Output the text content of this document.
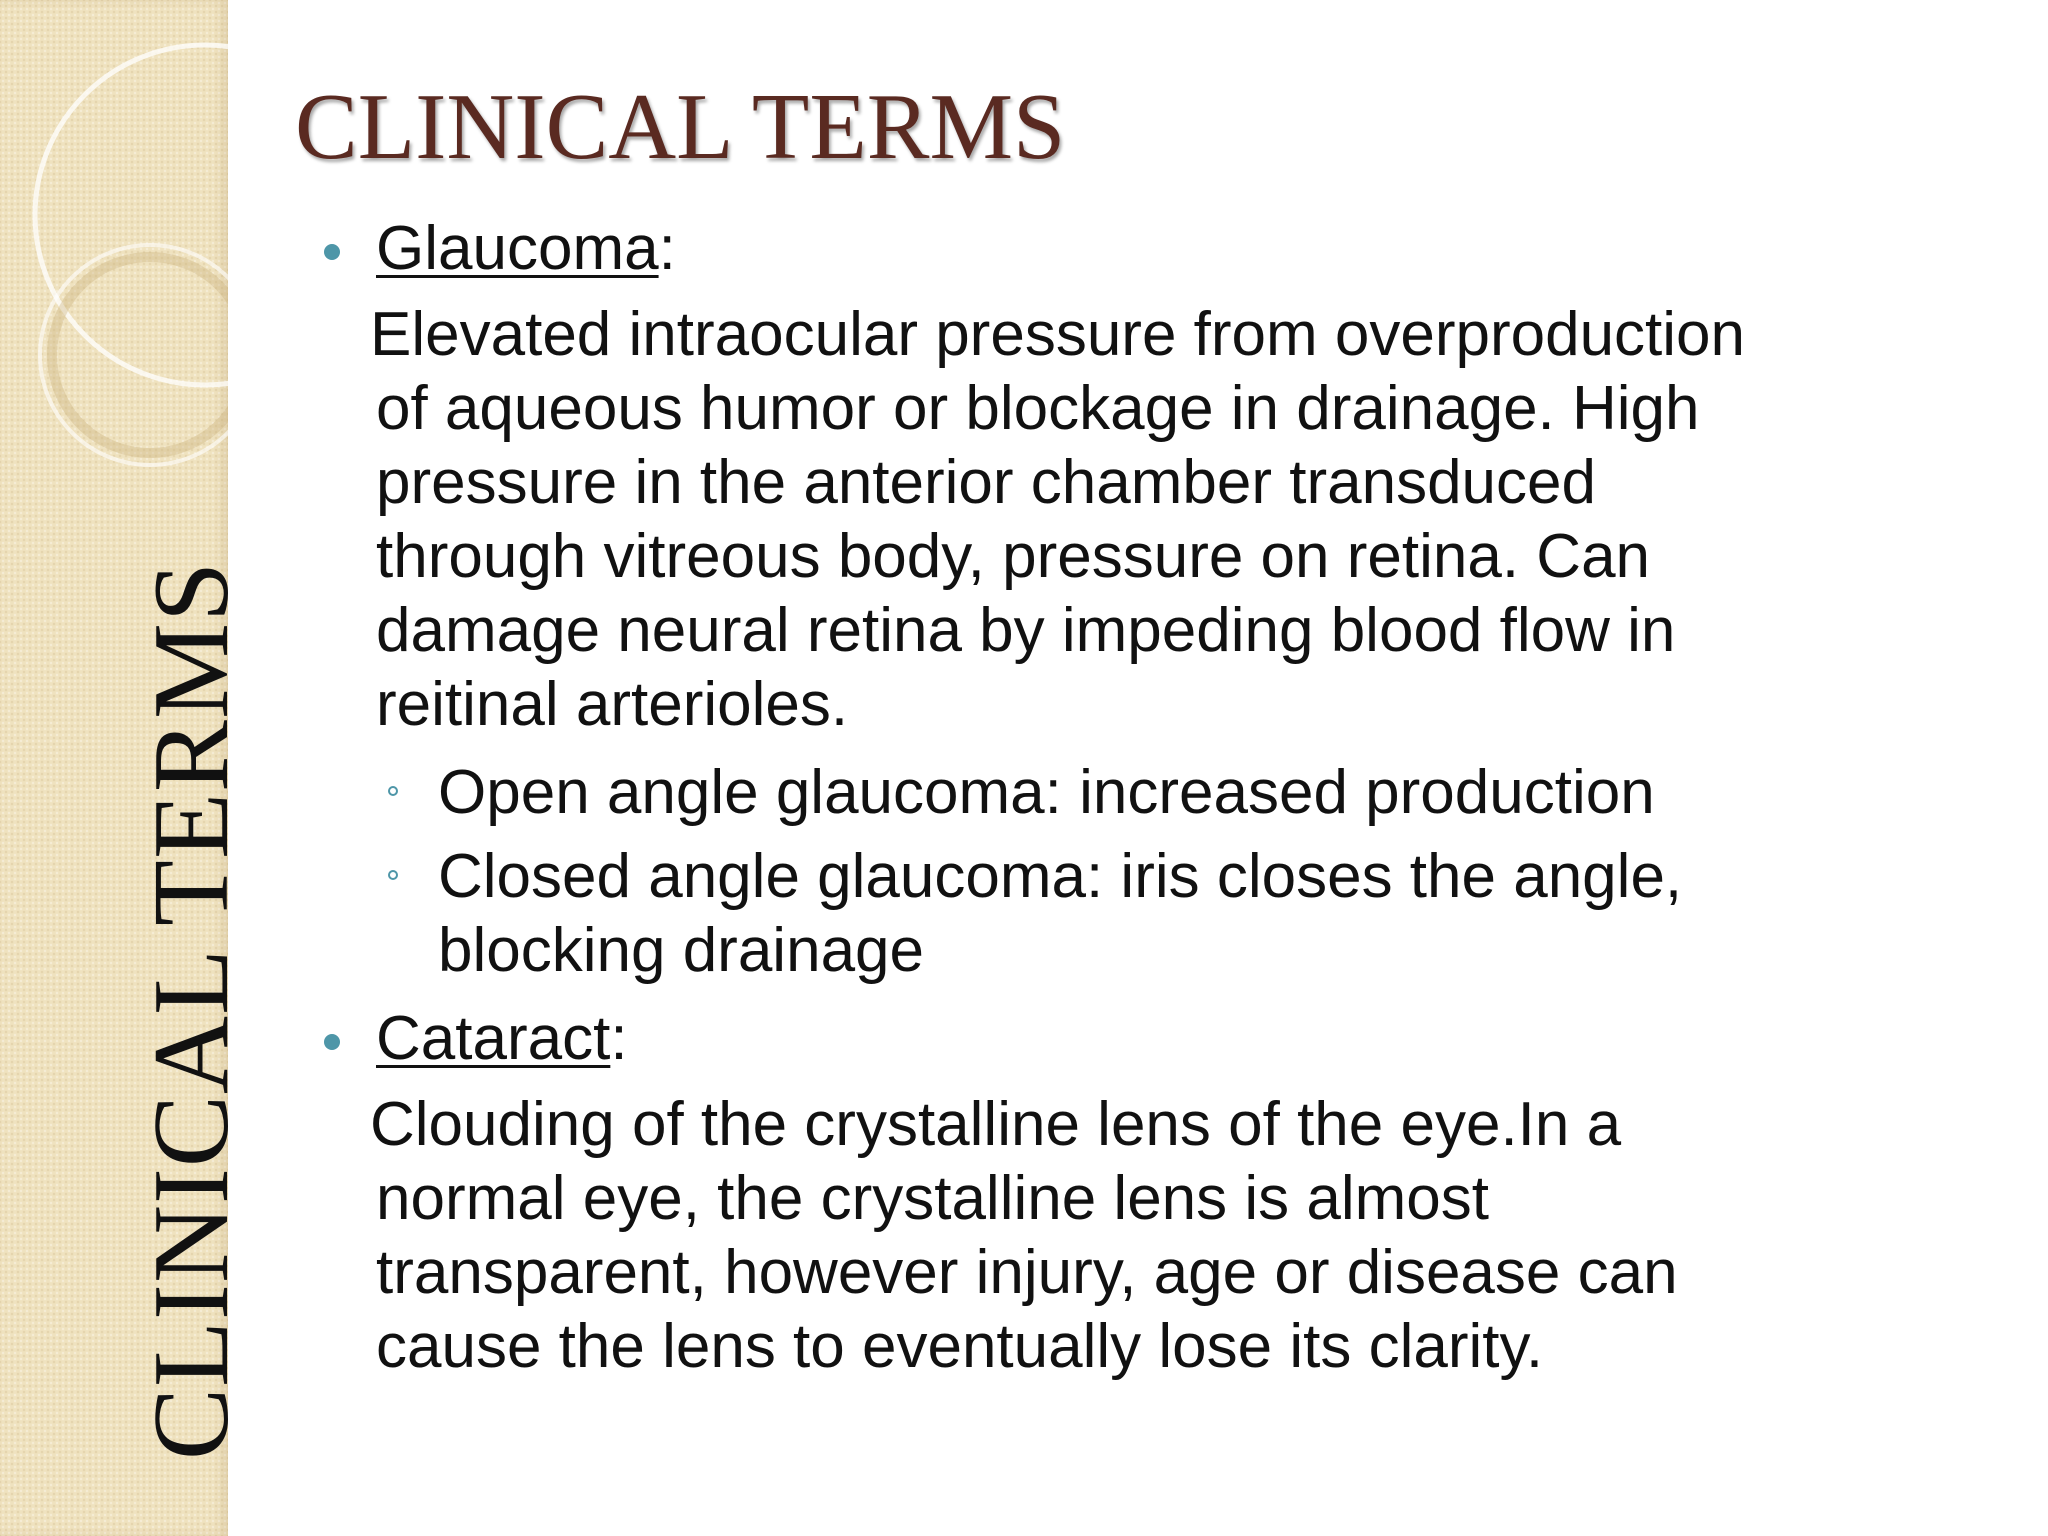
CLINICAL TERMS
CLINICAL TERMS
Glaucoma:
Elevated intraocular pressure from overproduction
of aqueous humor or blockage in drainage. High
pressure in the anterior chamber transduced
through vitreous body, pressure on retina. Can
damage neural retina by impeding blood flow in
reitinal arterioles.
Open angle glaucoma: increased production
Closed angle glaucoma: iris closes the angle,
blocking drainage
Cataract:
Clouding of the crystalline lens of the eye.In a
normal eye, the crystalline lens is almost
transparent, however injury, age or disease can
cause the lens to eventually lose its clarity.
